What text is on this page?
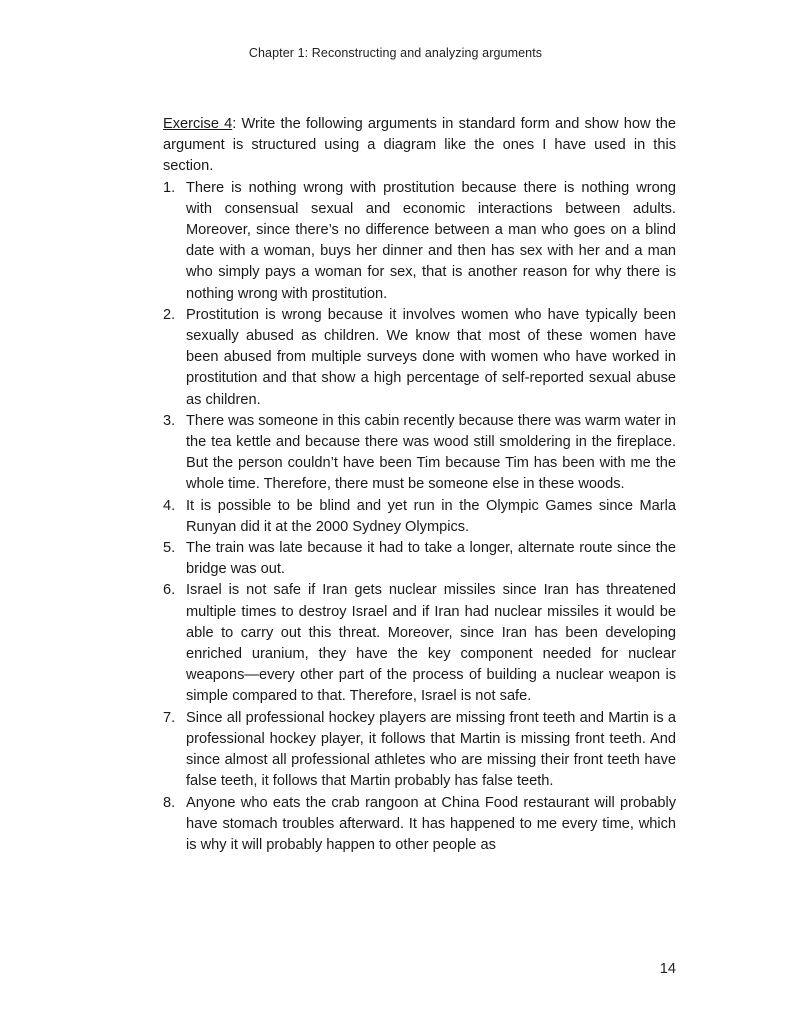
Chapter 1: Reconstructing and analyzing arguments

Exercise 4: Write the following arguments in standard form and show how the argument is structured using a diagram like the ones I have used in this section.

1. There is nothing wrong with prostitution because there is nothing wrong with consensual sexual and economic interactions between adults. Moreover, since there’s no difference between a man who goes on a blind date with a woman, buys her dinner and then has sex with her and a man who simply pays a woman for sex, that is another reason for why there is nothing wrong with prostitution.
2. Prostitution is wrong because it involves women who have typically been sexually abused as children. We know that most of these women have been abused from multiple surveys done with women who have worked in prostitution and that show a high percentage of self-reported sexual abuse as children.
3. There was someone in this cabin recently because there was warm water in the tea kettle and because there was wood still smoldering in the fireplace. But the person couldn’t have been Tim because Tim has been with me the whole time. Therefore, there must be someone else in these woods.
4. It is possible to be blind and yet run in the Olympic Games since Marla Runyan did it at the 2000 Sydney Olympics.
5. The train was late because it had to take a longer, alternate route since the bridge was out.
6. Israel is not safe if Iran gets nuclear missiles since Iran has threatened multiple times to destroy Israel and if Iran had nuclear missiles it would be able to carry out this threat. Moreover, since Iran has been developing enriched uranium, they have the key component needed for nuclear weapons—every other part of the process of building a nuclear weapon is simple compared to that. Therefore, Israel is not safe.
7. Since all professional hockey players are missing front teeth and Martin is a professional hockey player, it follows that Martin is missing front teeth. And since almost all professional athletes who are missing their front teeth have false teeth, it follows that Martin probably has false teeth.
8. Anyone who eats the crab rangoon at China Food restaurant will probably have stomach troubles afterward. It has happened to me every time, which is why it will probably happen to other people as
14
